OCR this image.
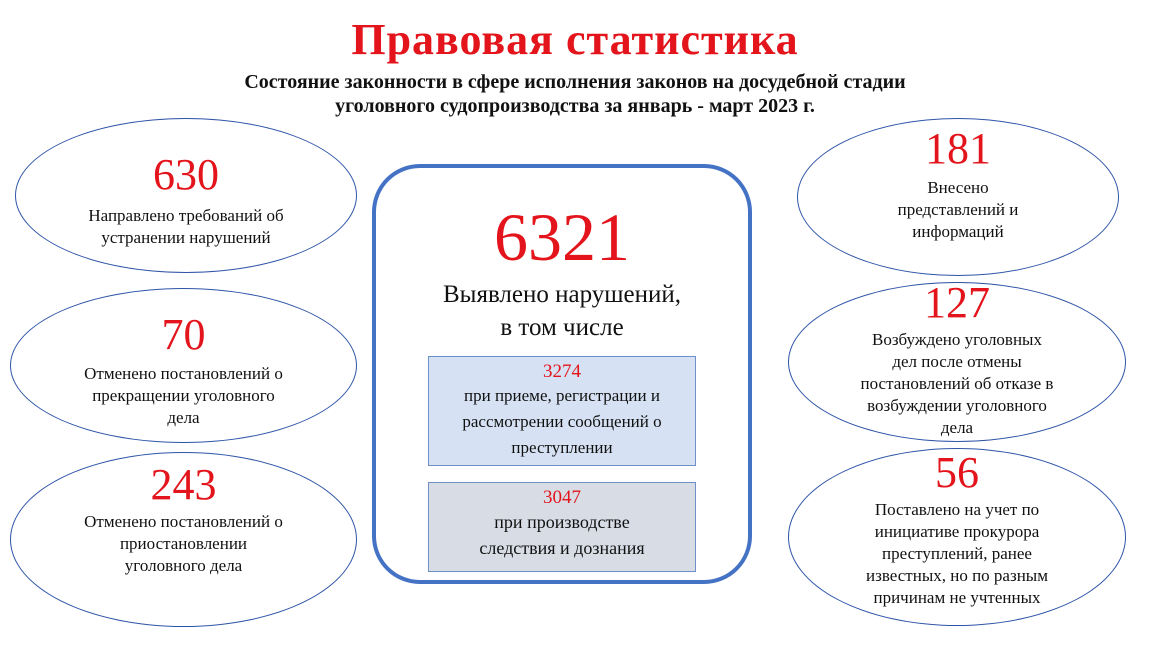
Правовая статистика
Состояние законности в сфере исполнения законов на досудебной стадии
уголовного судопроизводства за январь - март 2023 г.
630
Направлено требований об
устранении нарушений
70
Отменено постановлений о
прекращении уголовного
дела
243
Отменено постановлений о
приостановлении
уголовного дела
181
Внесено
представлений и
информаций
127
Возбуждено уголовных
дел после отмены
постановлений об отказе в
возбуждении уголовного
дела
56
Поставлено на учет по
инициативе прокурора
преступлений, ранее
известных, но по разным
причинам не учтенных
6321
Выявлено нарушений,
в том числе
3274
при приеме, регистрации и
рассмотрении сообщений о
преступлении
3047
при производстве
следствия и дознания
